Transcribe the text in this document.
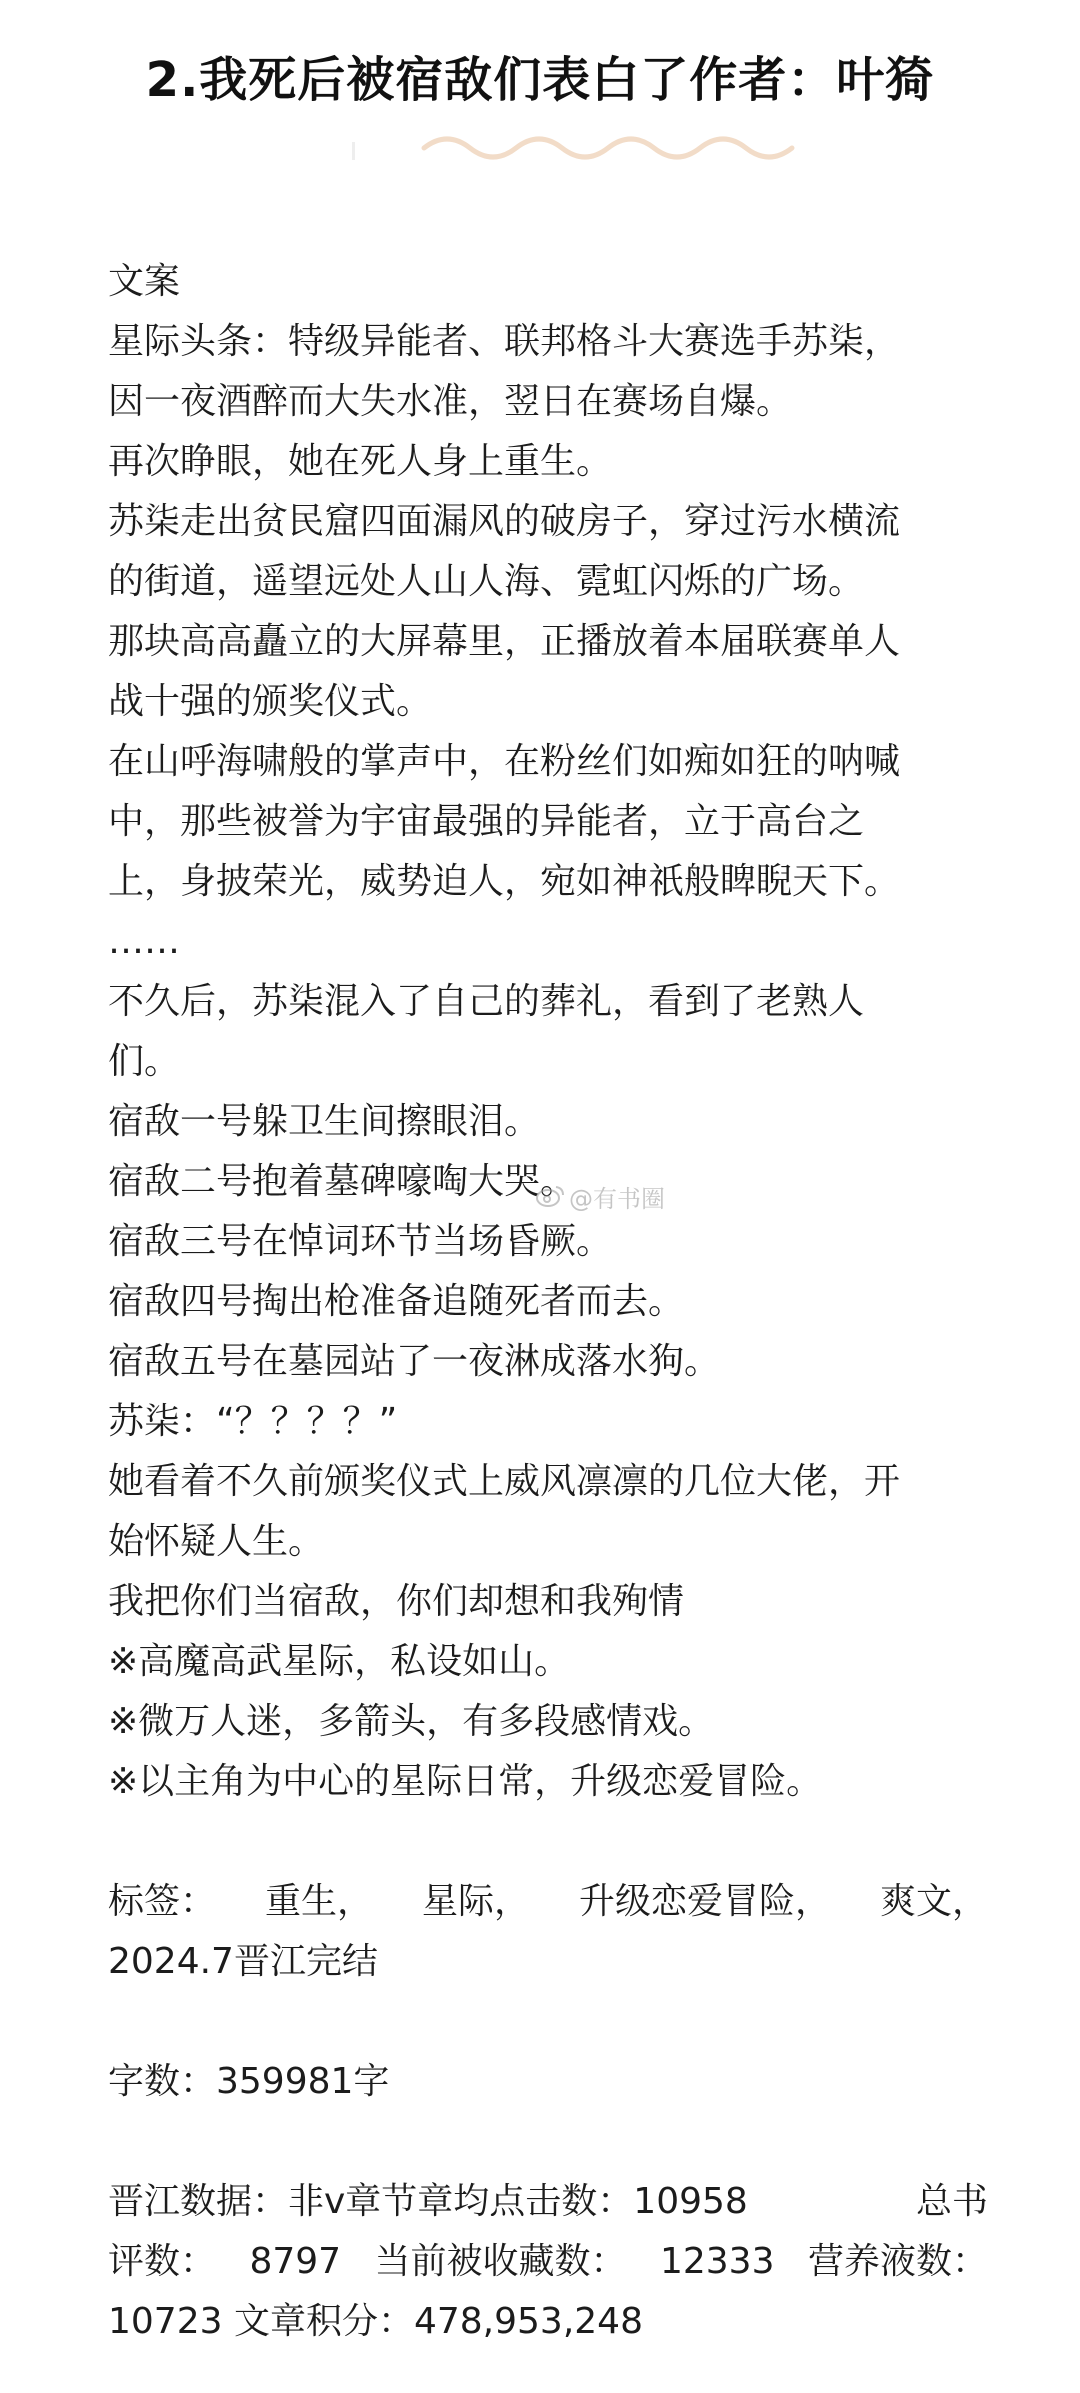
2.我死后被宿敌们表白了作者：叶猗
文案
星际头条：特级异能者、联邦格斗大赛选手苏柒，
因一夜酒醉而大失水准，翌日在赛场自爆。
再次睁眼，她在死人身上重生。
苏柒走出贫民窟四面漏风的破房子，穿过污水横流
的街道，遥望远处人山人海、霓虹闪烁的广场。
那块高高矗立的大屏幕里，正播放着本届联赛单人
战十强的颁奖仪式。
在山呼海啸般的掌声中，在粉丝们如痴如狂的呐喊
中，那些被誉为宇宙最强的异能者，立于高台之
上，身披荣光，威势迫人，宛如神祇般睥睨天下。
……
不久后，苏柒混入了自己的葬礼，看到了老熟人
们。
宿敌一号躲卫生间擦眼泪。
宿敌二号抱着墓碑嚎啕大哭。
宿敌三号在悼词环节当场昏厥。
宿敌四号掏出枪准备追随死者而去。
宿敌五号在墓园站了一夜淋成落水狗。
苏柒：“？？？？”
她看着不久前颁奖仪式上威风凛凛的几位大佬，开
始怀疑人生。
我把你们当宿敌，你们却想和我殉情
※高魔高武星际，私设如山。
※微万人迷，多箭头，有多段感情戏。
※以主角为中心的星际日常，升级恋爱冒险。
标签： 重生， 星际， 升级恋爱冒险， 爽文，
2024.7晋江完结
字数：359981字
晋江数据：非v章节章均点击数：10958	总书
评数： 8797 当前被收藏数： 12333 营养液数：
10723 文章积分：478,953,248
@有书圈
